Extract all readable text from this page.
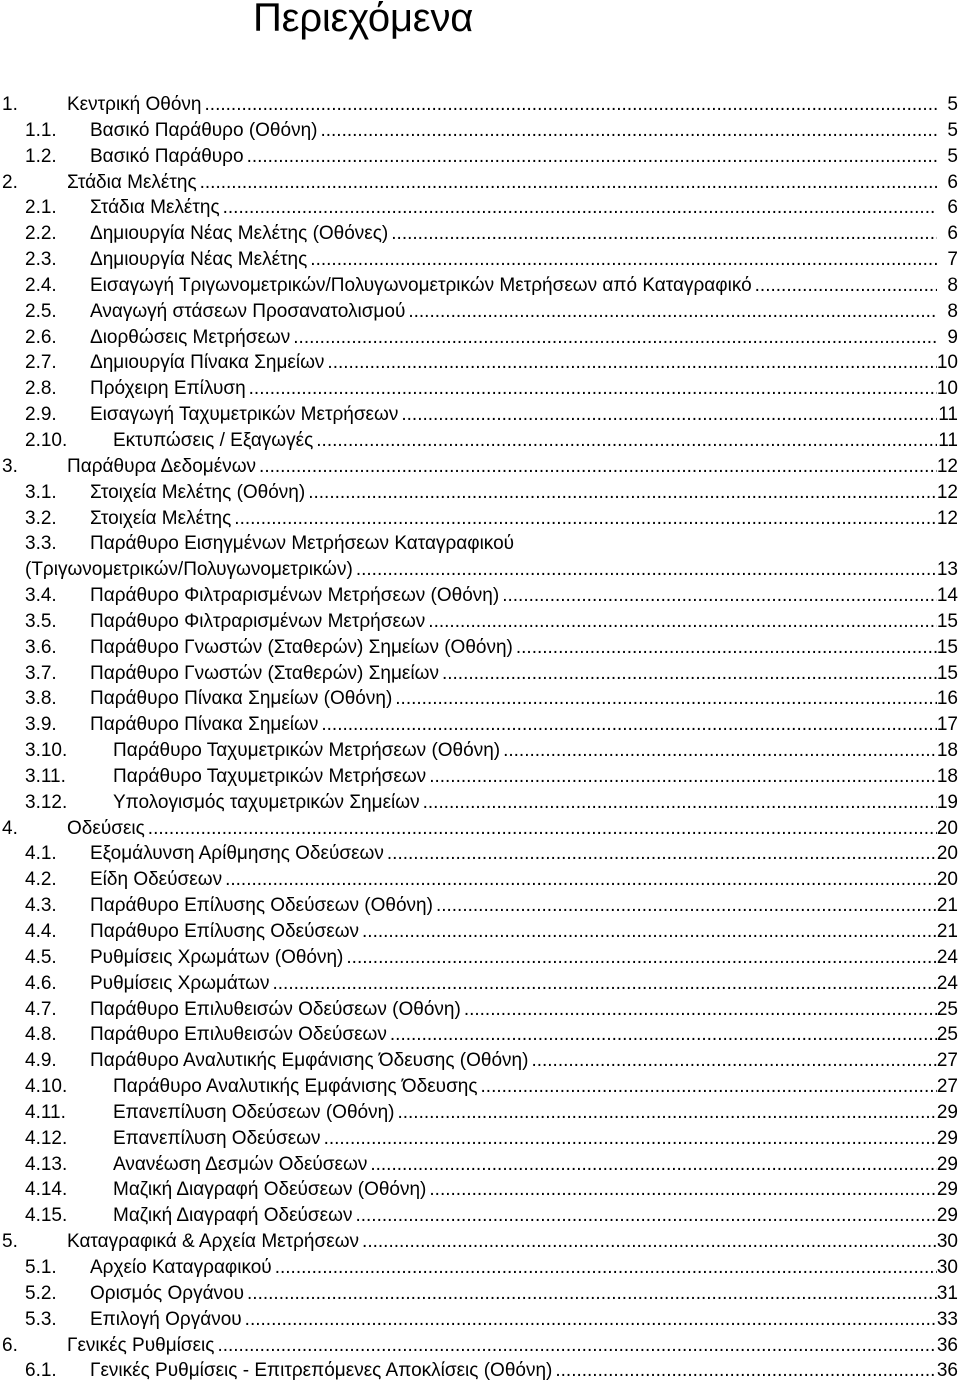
Περιεχόμενα
1.	Κεντρική Οθόνη .....	5
1.1. Βασικό Παράθυρο (Οθόνη) .....	5
1.2. Βασικό Παράθυρο .....	5
2.	Στάδια Μελέτης .....	6
2.1. Στάδια Μελέτης .....	6
2.2. Δημιουργία Νέας Μελέτης (Οθόνες) .....	6
2.3. Δημιουργία Νέας Μελέτης .....	7
2.4. Εισαγωγή Τριγωνομετρικών/Πολυγωνομετρικών Μετρήσεων από Καταγραφικό .....	8
2.5. Αναγωγή στάσεων Προσανατολισμού .....	8
2.6. Διορθώσεις Μετρήσεων .....	9
2.7. Δημιουργία Πίνακα Σημείων .....	10
2.8. Πρόχειρη Επίλυση .....	10
2.9. Εισαγωγή Ταχυμετρικών Μετρήσεων .....	11
2.10. Εκτυπώσεις / Εξαγωγές .....	11
3.	Παράθυρα Δεδομένων .....	12
3.1. Στοιχεία Μελέτης (Οθόνη) .....	12
3.2. Στοιχεία Μελέτης .....	12
3.3. Παράθυρο Εισηγμένων Μετρήσεων Καταγραφικού
(Τριγωνομετρικών/Πολυγωνομετρικών) .....	13
3.4. Παράθυρο Φιλτραρισμένων Μετρήσεων (Οθόνη) .....	14
3.5. Παράθυρο Φιλτραρισμένων Μετρήσεων .....	15
3.6. Παράθυρο Γνωστών (Σταθερών) Σημείων (Οθόνη) .....	15
3.7. Παράθυρο Γνωστών (Σταθερών) Σημείων .....	15
3.8. Παράθυρο Πίνακα Σημείων (Οθόνη) .....	16
3.9. Παράθυρο Πίνακα Σημείων .....	17
3.10. Παράθυρο Ταχυμετρικών Μετρήσεων (Οθόνη) .....	18
3.11. Παράθυρο Ταχυμετρικών Μετρήσεων .....	18
3.12. Υπολογισμός ταχυμετρικών Σημείων .....	19
4.	Οδεύσεις .....	20
4.1. Εξομάλυνση Αρίθμησης Οδεύσεων .....	20
4.2. Είδη Οδεύσεων .....	20
4.3. Παράθυρο Επίλυσης Οδεύσεων (Οθόνη) .....	21
4.4. Παράθυρο Επίλυσης Οδεύσεων .....	21
4.5. Ρυθμίσεις Χρωμάτων (Οθόνη) .....	24
4.6. Ρυθμίσεις Χρωμάτων .....	24
4.7. Παράθυρο Επιλυθεισών Οδεύσεων (Οθόνη) .....	25
4.8. Παράθυρο Επιλυθεισών Οδεύσεων .....	25
4.9. Παράθυρο Αναλυτικής Εμφάνισης Όδευσης (Οθόνη) .....	27
4.10. Παράθυρο Αναλυτικής Εμφάνισης Όδευσης .....	27
4.11. Επανεπίλυση Οδεύσεων (Οθόνη) .....	29
4.12. Επανεπίλυση Οδεύσεων .....	29
4.13. Ανανέωση Δεσμών Οδεύσεων .....	29
4.14. Μαζική Διαγραφή Οδεύσεων (Οθόνη) .....	29
4.15. Μαζική Διαγραφή Οδεύσεων .....	29
5.	Καταγραφικά & Αρχεία Μετρήσεων .....	30
5.1. Αρχείο Καταγραφικού .....	30
5.2. Ορισμός Οργάνου .....	31
5.3. Επιλογή Οργάνου .....	33
6.	Γενικές Ρυθμίσεις .....	36
6.1. Γενικές Ρυθμίσεις - Επιτρεπόμενες Αποκλίσεις (Οθόνη) .....	36
